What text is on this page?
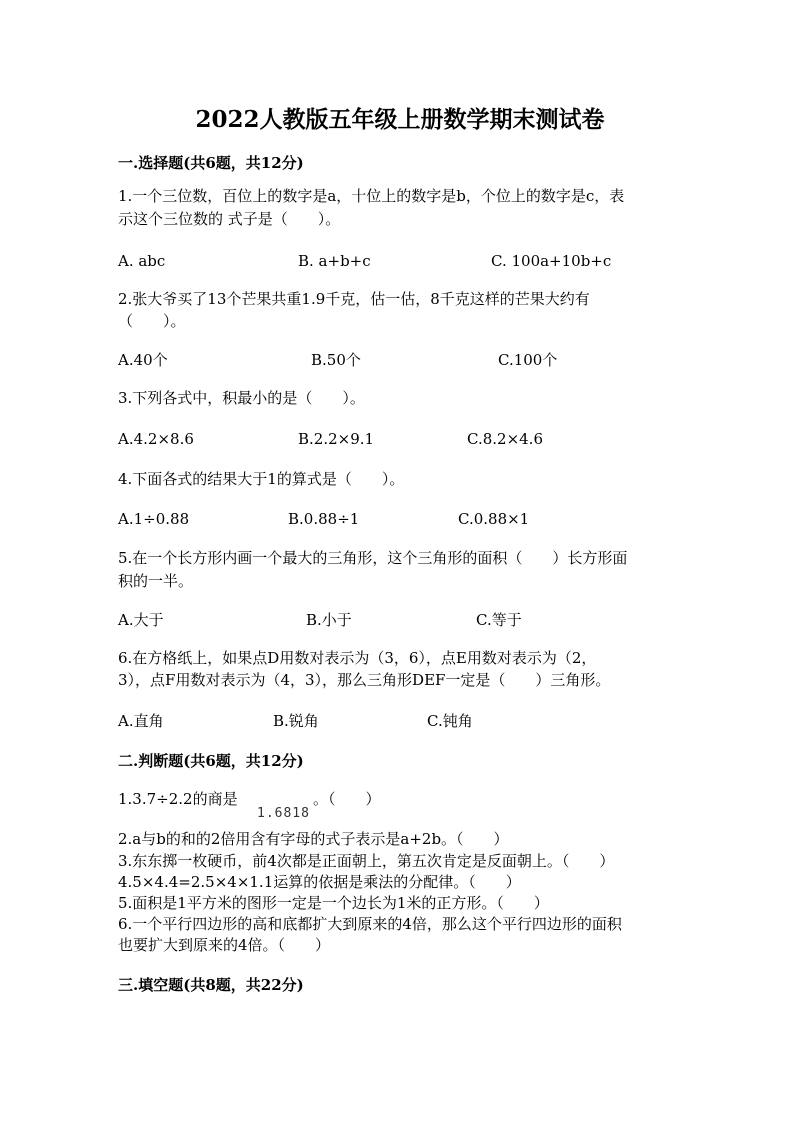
2022人教版五年级上册数学期末测试卷
一.选择题(共6题，共12分)
1.一个三位数，百位上的数字是a，十位上的数字是b，个位上的数字是c，表
示这个三位数的 式子是（　　）。
A. abc	B. a+b+c	C. 100a+10b+c
2.张大爷买了13个芒果共重1.9千克，估一估，8千克这样的芒果大约有
（　　）。
A.40个	B.50个	C.100个
3.下列各式中，积最小的是（　　）。
A.4.2×8.6	B.2.2×9.1	C.8.2×4.6
4.下面各式的结果大于1的算式是（　　）。
A.1÷0.88	B.0.88÷1	C.0.88×1
5.在一个长方形内画一个最大的三角形，这个三角形的面积（　　）长方形面
积的一半。
A.大于	B.小于	C.等于
6.在方格纸上，如果点D用数对表示为（3，6），点E用数对表示为（2，
3），点F用数对表示为（4，3），那么三角形DEF一定是（　　）三角形。
A.直角	B.锐角	C.钝角
二.判断题(共6题，共12分)
1.3.7÷2.2的商是	。（　　）
1.6818
2.a与b的和的2倍用含有字母的式子表示是a+2b。（　　）
3.东东掷一枚硬币，前4次都是正面朝上，第五次肯定是反面朝上。（　　）
4.5×4.4=2.5×4×1.1运算的依据是乘法的分配律。（　　）
5.面积是1平方米的图形一定是一个边长为1米的正方形。（　　）
6.一个平行四边形的高和底都扩大到原来的4倍，那么这个平行四边形的面积
也要扩大到原来的4倍。（　　）
三.填空题(共8题，共22分)
